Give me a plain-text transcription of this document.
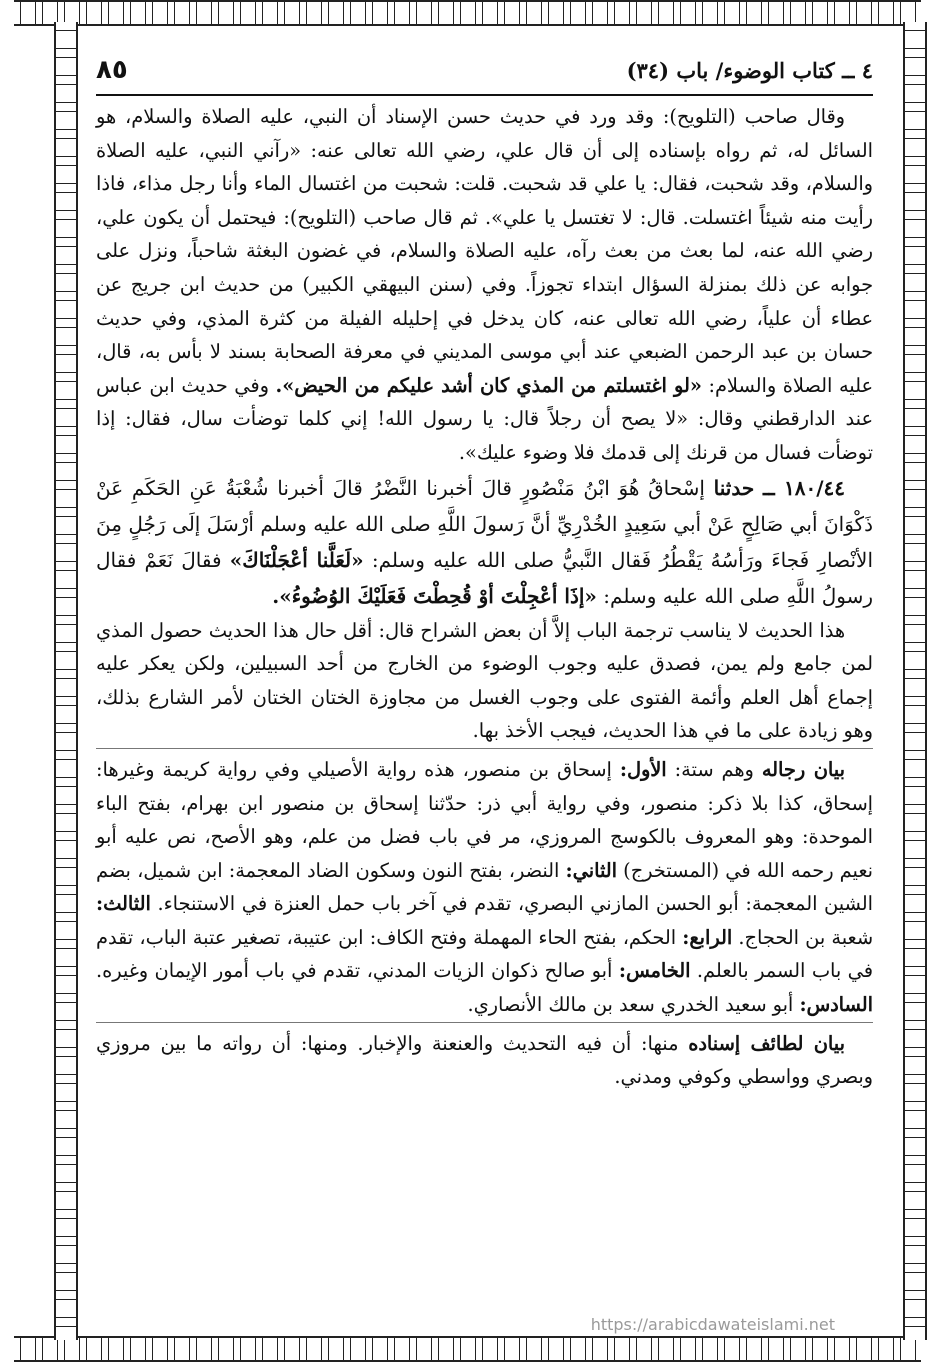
٤ ــ كتاب الوضوء/ باب (٣٤)
٨٥

وقال صاحب (التلويح): وقد ورد في حديث حسن الإسناد أن النبي، عليه الصلاة والسلام، هو السائل له، ثم رواه بإسناده إلى أن قال علي، رضي الله تعالى عنه: «رآني النبي، عليه الصلاة والسلام، وقد شحبت، فقال: يا علي قد شحبت. قلت: شحبت من اغتسال الماء وأنا رجل مذاء، فاذا رأيت منه شيئاً اغتسلت. قال: لا تغتسل يا علي». ثم قال صاحب (التلويح): فيحتمل أن يكون علي، رضي الله عنه، لما بعث من بعث رآه، عليه الصلاة والسلام، في غضون البغثة شاحباً، ونزل على جوابه عن ذلك بمنزلة السؤال ابتداء تجوزاً. وفي (سنن البيهقي الكبير) من حديث ابن جريج عن عطاء أن علياً، رضي الله تعالى عنه، كان يدخل في إحليله الفيلة من كثرة المذي، وفي حديث حسان بن عبد الرحمن الضبعي عند أبي موسى المديني في معرفة الصحابة بسند لا بأس به، قال، عليه الصلاة والسلام: «لو اغتسلتم من المذي كان أشد عليكم من الحيض». وفي حديث ابن عباس عند الدارقطني وقال: «لا يصح أن رجلاً قال: يا رسول الله! إني كلما توضأت سال، فقال: إذا توضأت فسال من قرنك إلى قدمك فلا وضوء عليك».

١٨٠/٤٤ ــ حدثنا إسْحاقُ هُوَ ابْنُ مَنْصُورٍ قالَ أخبرنا النَّضْرُ قالَ أخبرنا شُعْبَةُ عَنِ الحَكَمِ عَنْ ذَكْوَانَ أبي صَالِحٍ عَنْ أبي سَعِيدٍ الخُدْرِيِّ أنَّ رَسولَ اللَّهِ صلى الله عليه وسلم أرْسَلَ إلَى رَجُلٍ مِنَ الأنْصارِ فَجاءَ ورَأسُهُ يَقْطُرُ فَقال النَّبيُّ صلى الله عليه وسلم: «لَعَلَّنا أعْجَلْنَاكَ» فقالَ نَعَمْ فقال رسولُ اللَّهِ صلى الله عليه وسلم: «إذَا أعْجِلْتَ أوْ قُحِطْتَ فَعَلَيْكَ الوُضُوءُ».

هذا الحديث لا يناسب ترجمة الباب إلاَّ أن بعض الشراح قال: أقل حال هذا الحديث حصول المذي لمن جامع ولم يمن، فصدق عليه وجوب الوضوء من الخارج من أحد السبيلين، ولكن يعكر عليه إجماع أهل العلم وأئمة الفتوى على وجوب الغسل من مجاوزة الختان الختان لأمر الشارع بذلك، وهو زيادة على ما في هذا الحديث، فيجب الأخذ بها.

بيان رجاله وهم ستة: الأول: إسحاق بن منصور، هذه رواية الأصيلي وفي رواية كريمة وغيرها: إسحاق، كذا بلا ذكر: منصور، وفي رواية أبي ذر: حدّثنا إسحاق بن منصور ابن بهرام، بفتح الباء الموحدة: وهو المعروف بالكوسج المروزي، مر في باب فضل من علم، وهو الأصح، نص عليه أبو نعيم رحمه الله في (المستخرج) الثاني: النضر، بفتح النون وسكون الضاد المعجمة: ابن شميل، بضم الشين المعجمة: أبو الحسن المازني البصري، تقدم في آخر باب حمل العنزة في الاستنجاء. الثالث: شعبة بن الحجاج. الرابع: الحكم، بفتح الحاء المهملة وفتح الكاف: ابن عتيبة، تصغير عتبة الباب، تقدم في باب السمر بالعلم. الخامس: أبو صالح ذكوان الزيات المدني، تقدم في باب أمور الإيمان وغيره. السادس: أبو سعيد الخدري سعد بن مالك الأنصاري.

بيان لطائف إسناده منها: أن فيه التحديث والعنعنة والإخبار. ومنها: أن رواته ما بين مروزي وبصري وواسطي وكوفي ومدني.

https://arabicdawateislami.net
